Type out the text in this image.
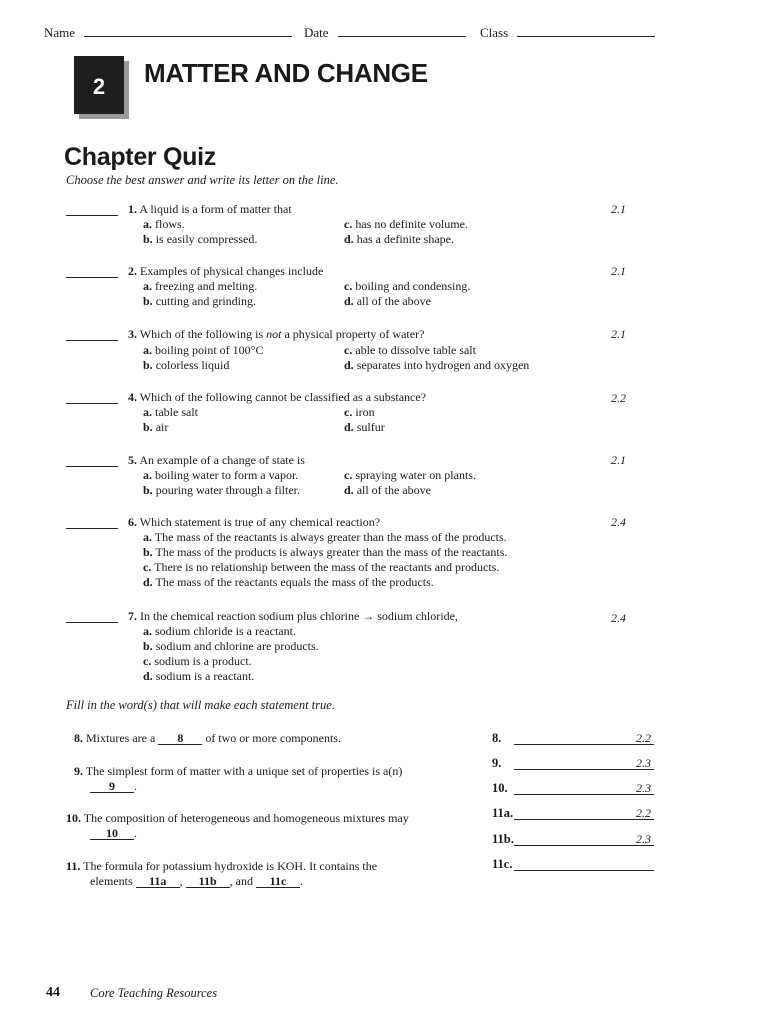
Name	Date	Class
2	MATTER AND CHANGE
Chapter Quiz
Choose the best answer and write its letter on the line.
1. A liquid is a form of matter that	2.1
a. flows.
b. is easily compressed.
c. has no definite volume.
d. has a definite shape.
2. Examples of physical changes include	2.1
a. freezing and melting.
b. cutting and grinding.
c. boiling and condensing.
d. all of the above
3. Which of the following is not a physical property of water?	2.1
a. boiling point of 100°C
b. colorless liquid
c. able to dissolve table salt
d. separates into hydrogen and oxygen
4. Which of the following cannot be classified as a substance?	2.2
a. table salt
b. air
c. iron
d. sulfur
5. An example of a change of state is	2.1
a. boiling water to form a vapor.
b. pouring water through a filter.
c. spraying water on plants.
d. all of the above
6. Which statement is true of any chemical reaction?	2.4
a. The mass of the reactants is always greater than the mass of the products.
b. The mass of the products is always greater than the mass of the reactants.
c. There is no relationship between the mass of the reactants and products.
d. The mass of the reactants equals the mass of the products.
7. In the chemical reaction sodium plus chlorine → sodium chloride,	2.4
a. sodium chloride is a reactant.
b. sodium and chlorine are products.
c. sodium is a product.
d. sodium is a reactant.
Fill in the word(s) that will make each statement true.
8. Mixtures are a 8 of two or more components.
9. The simplest form of matter with a unique set of properties is a(n)
9 .
10. The composition of heterogeneous and homogeneous mixtures may
10 .
11. The formula for potassium hydroxide is KOH. It contains the
elements 11a , 11b , and 11c .
8.	2.2
9.	2.3
10.	2.3
11a.	2.2
11b.	2.3
11c.
44 Core Teaching Resources
